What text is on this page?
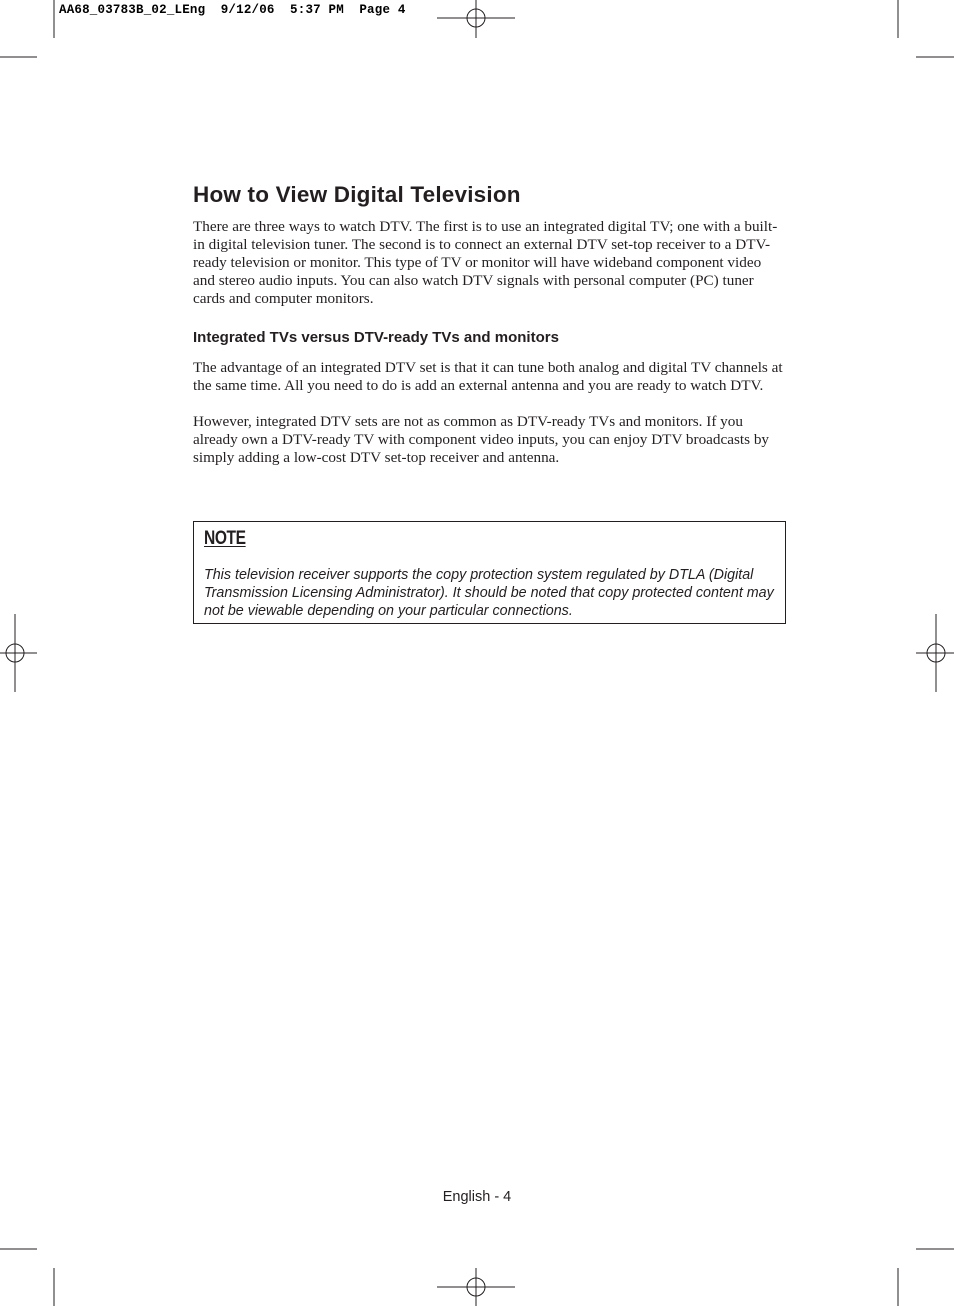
AA68_03783B_02_LEng  9/12/06  5:37 PM  Page 4
How to View Digital Television

There are three ways to watch DTV. The first is to use an integrated digital TV; one with a built-in digital television tuner. The second is to connect an external DTV set-top receiver to a DTV-ready television or monitor. This type of TV or monitor will have wideband component video and stereo audio inputs. You can also watch DTV signals with personal computer (PC) tuner cards and computer monitors.

Integrated TVs versus DTV-ready TVs and monitors

The advantage of an integrated DTV set is that it can tune both analog and digital TV channels at the same time. All you need to do is add an external antenna and you are ready to watch DTV.

However, integrated DTV sets are not as common as DTV-ready TVs and monitors. If you already own a DTV-ready TV with component video inputs, you can enjoy DTV broadcasts by simply adding a low-cost DTV set-top receiver and antenna.

NOTE
This television receiver supports the copy protection system regulated by DTLA (Digital Transmission Licensing Administrator). It should be noted that copy protected content may not be viewable depending on your particular connections.
English - 4
